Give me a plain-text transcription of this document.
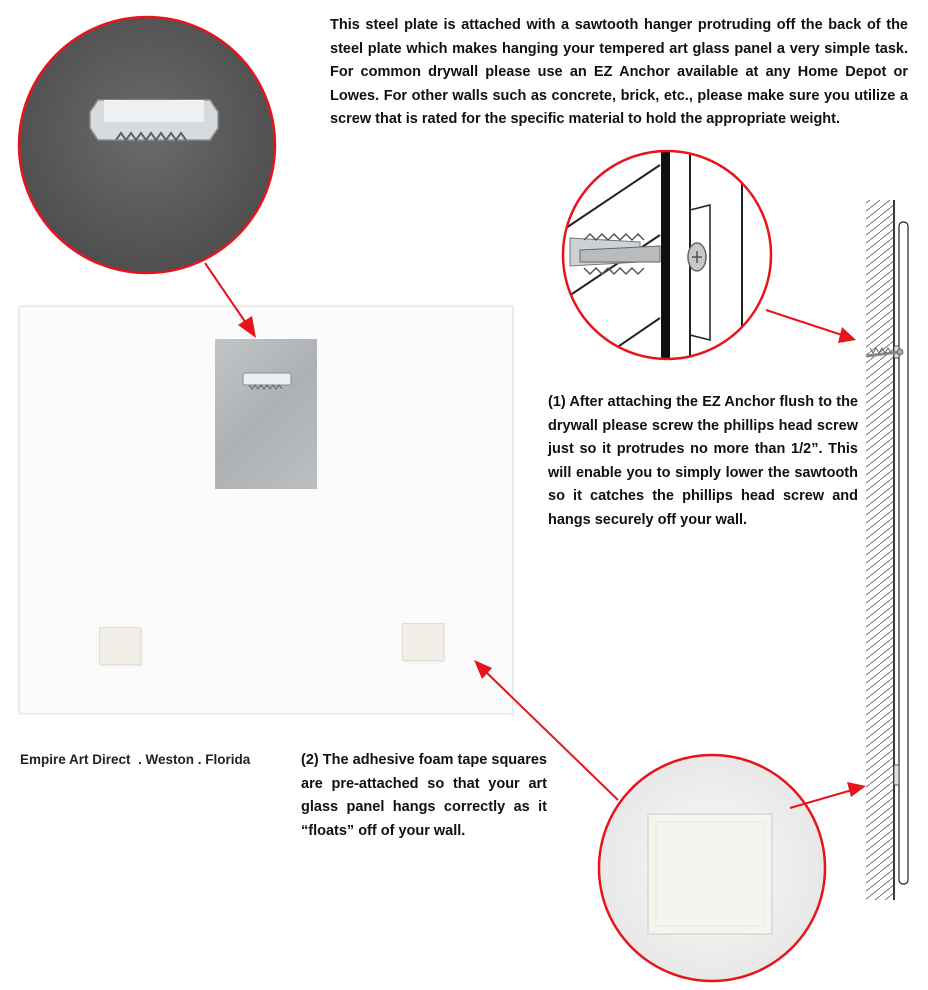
This steel plate is attached with a sawtooth hanger protruding off the back of the steel plate which makes hanging your tempered art glass panel a very simple task. For common drywall please use an EZ Anchor available at any Home Depot or Lowes. For other walls such as concrete, brick, etc., please make sure you utilize a screw that is rated for the specific material to hold the appropriate weight.
(1) After attaching the EZ Anchor flush to the drywall please screw the phillips head screw just so it protrudes no more than 1/2”. This will enable you to simply lower the sawtooth so it catches the phillips head screw and hangs securely off your wall.
(2) The adhesive foam tape squares are pre-attached so that your art glass panel hangs correctly as it “floats” off of your wall.
Empire Art Direct  . Weston . Florida
